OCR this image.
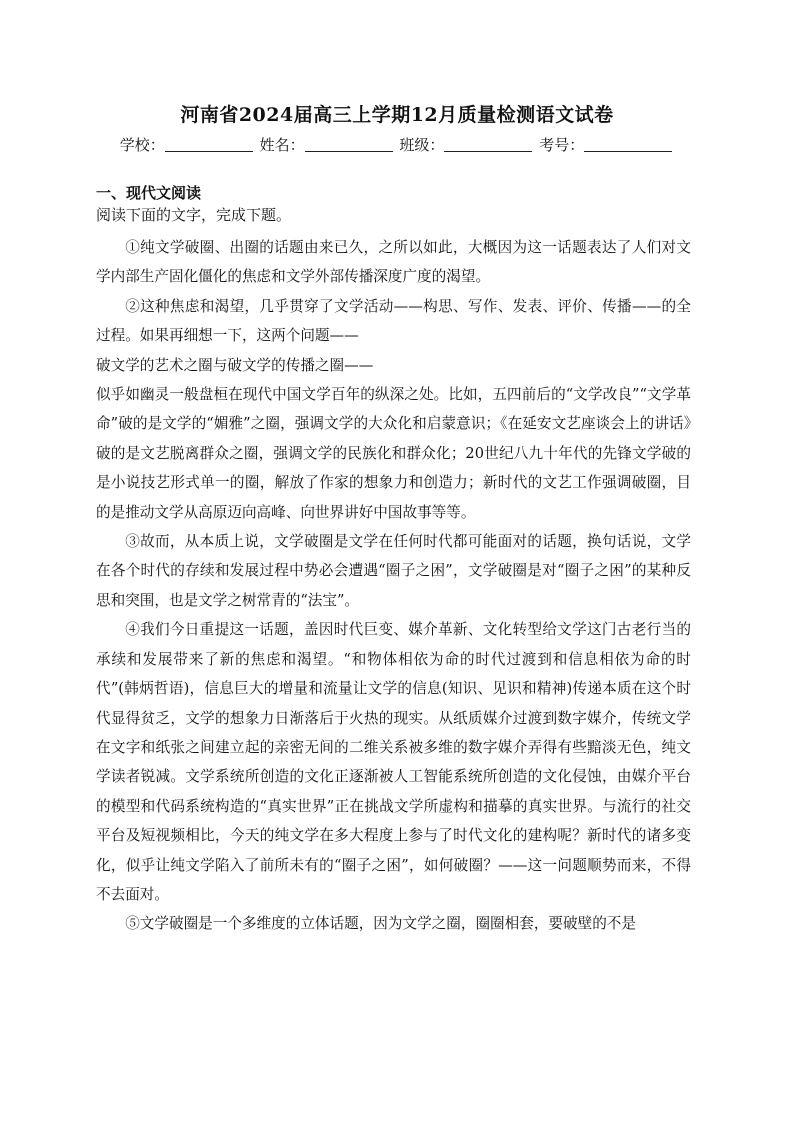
河南省2024届高三上学期12月质量检测语文试卷
学校：	姓名：	班级：	考号：
一、现代文阅读
阅读下面的文字，完成下题。

①纯文学破圈、出圈的话题由来已久，之所以如此，大概因为这一话题表达了人们对文学内部生产固化僵化的焦虑和文学外部传播深度广度的渴望。

②这种焦虑和渴望，几乎贯穿了文学活动——构思、写作、发表、评价、传播——的全过程。如果再细想一下，这两个问题——

破文学的艺术之圈与破文学的传播之圈——

似乎如幽灵一般盘桓在现代中国文学百年的纵深之处。比如，五四前后的“文学改良”“文学革命”破的是文学的“媚雅”之圈，强调文学的大众化和启蒙意识；《在延安文艺座谈会上的讲话》破的是文艺脱离群众之圈，强调文学的民族化和群众化；20世纪八九十年代的先锋文学破的是小说技艺形式单一的圈，解放了作家的想象力和创造力；新时代的文艺工作强调破圈，目的是推动文学从高原迈向高峰、向世界讲好中国故事等等。

③故而，从本质上说，文学破圈是文学在任何时代都可能面对的话题，换句话说，文学在各个时代的存续和发展过程中势必会遭遇“圈子之困”，文学破圈是对“圈子之困”的某种反思和突围，也是文学之树常青的“法宝”。

④我们今日重提这一话题，盖因时代巨变、媒介革新、文化转型给文学这门古老行当的承续和发展带来了新的焦虑和渴望。“和物体相依为命的时代过渡到和信息相依为命的时代”(韩炳哲语)，信息巨大的增量和流量让文学的信息(知识、见识和精神)传递本质在这个时代显得贫乏，文学的想象力日渐落后于火热的现实。从纸质媒介过渡到数字媒介，传统文学在文字和纸张之间建立起的亲密无间的二维关系被多维的数字媒介弄得有些黯淡无色，纯文学读者锐减。文学系统所创造的文化正逐渐被人工智能系统所创造的文化侵蚀，由媒介平台的模型和代码系统构造的“真实世界”正在挑战文学所虚构和描摹的真实世界。与流行的社交平台及短视频相比，今天的纯文学在多大程度上参与了时代文化的建构呢？新时代的诸多变化，似乎让纯文学陷入了前所未有的“圈子之困”，如何破圈？——这一问题顺势而来，不得不去面对。

⑤文学破圈是一个多维度的立体话题，因为文学之圈，圈圈相套，要破壁的不是
